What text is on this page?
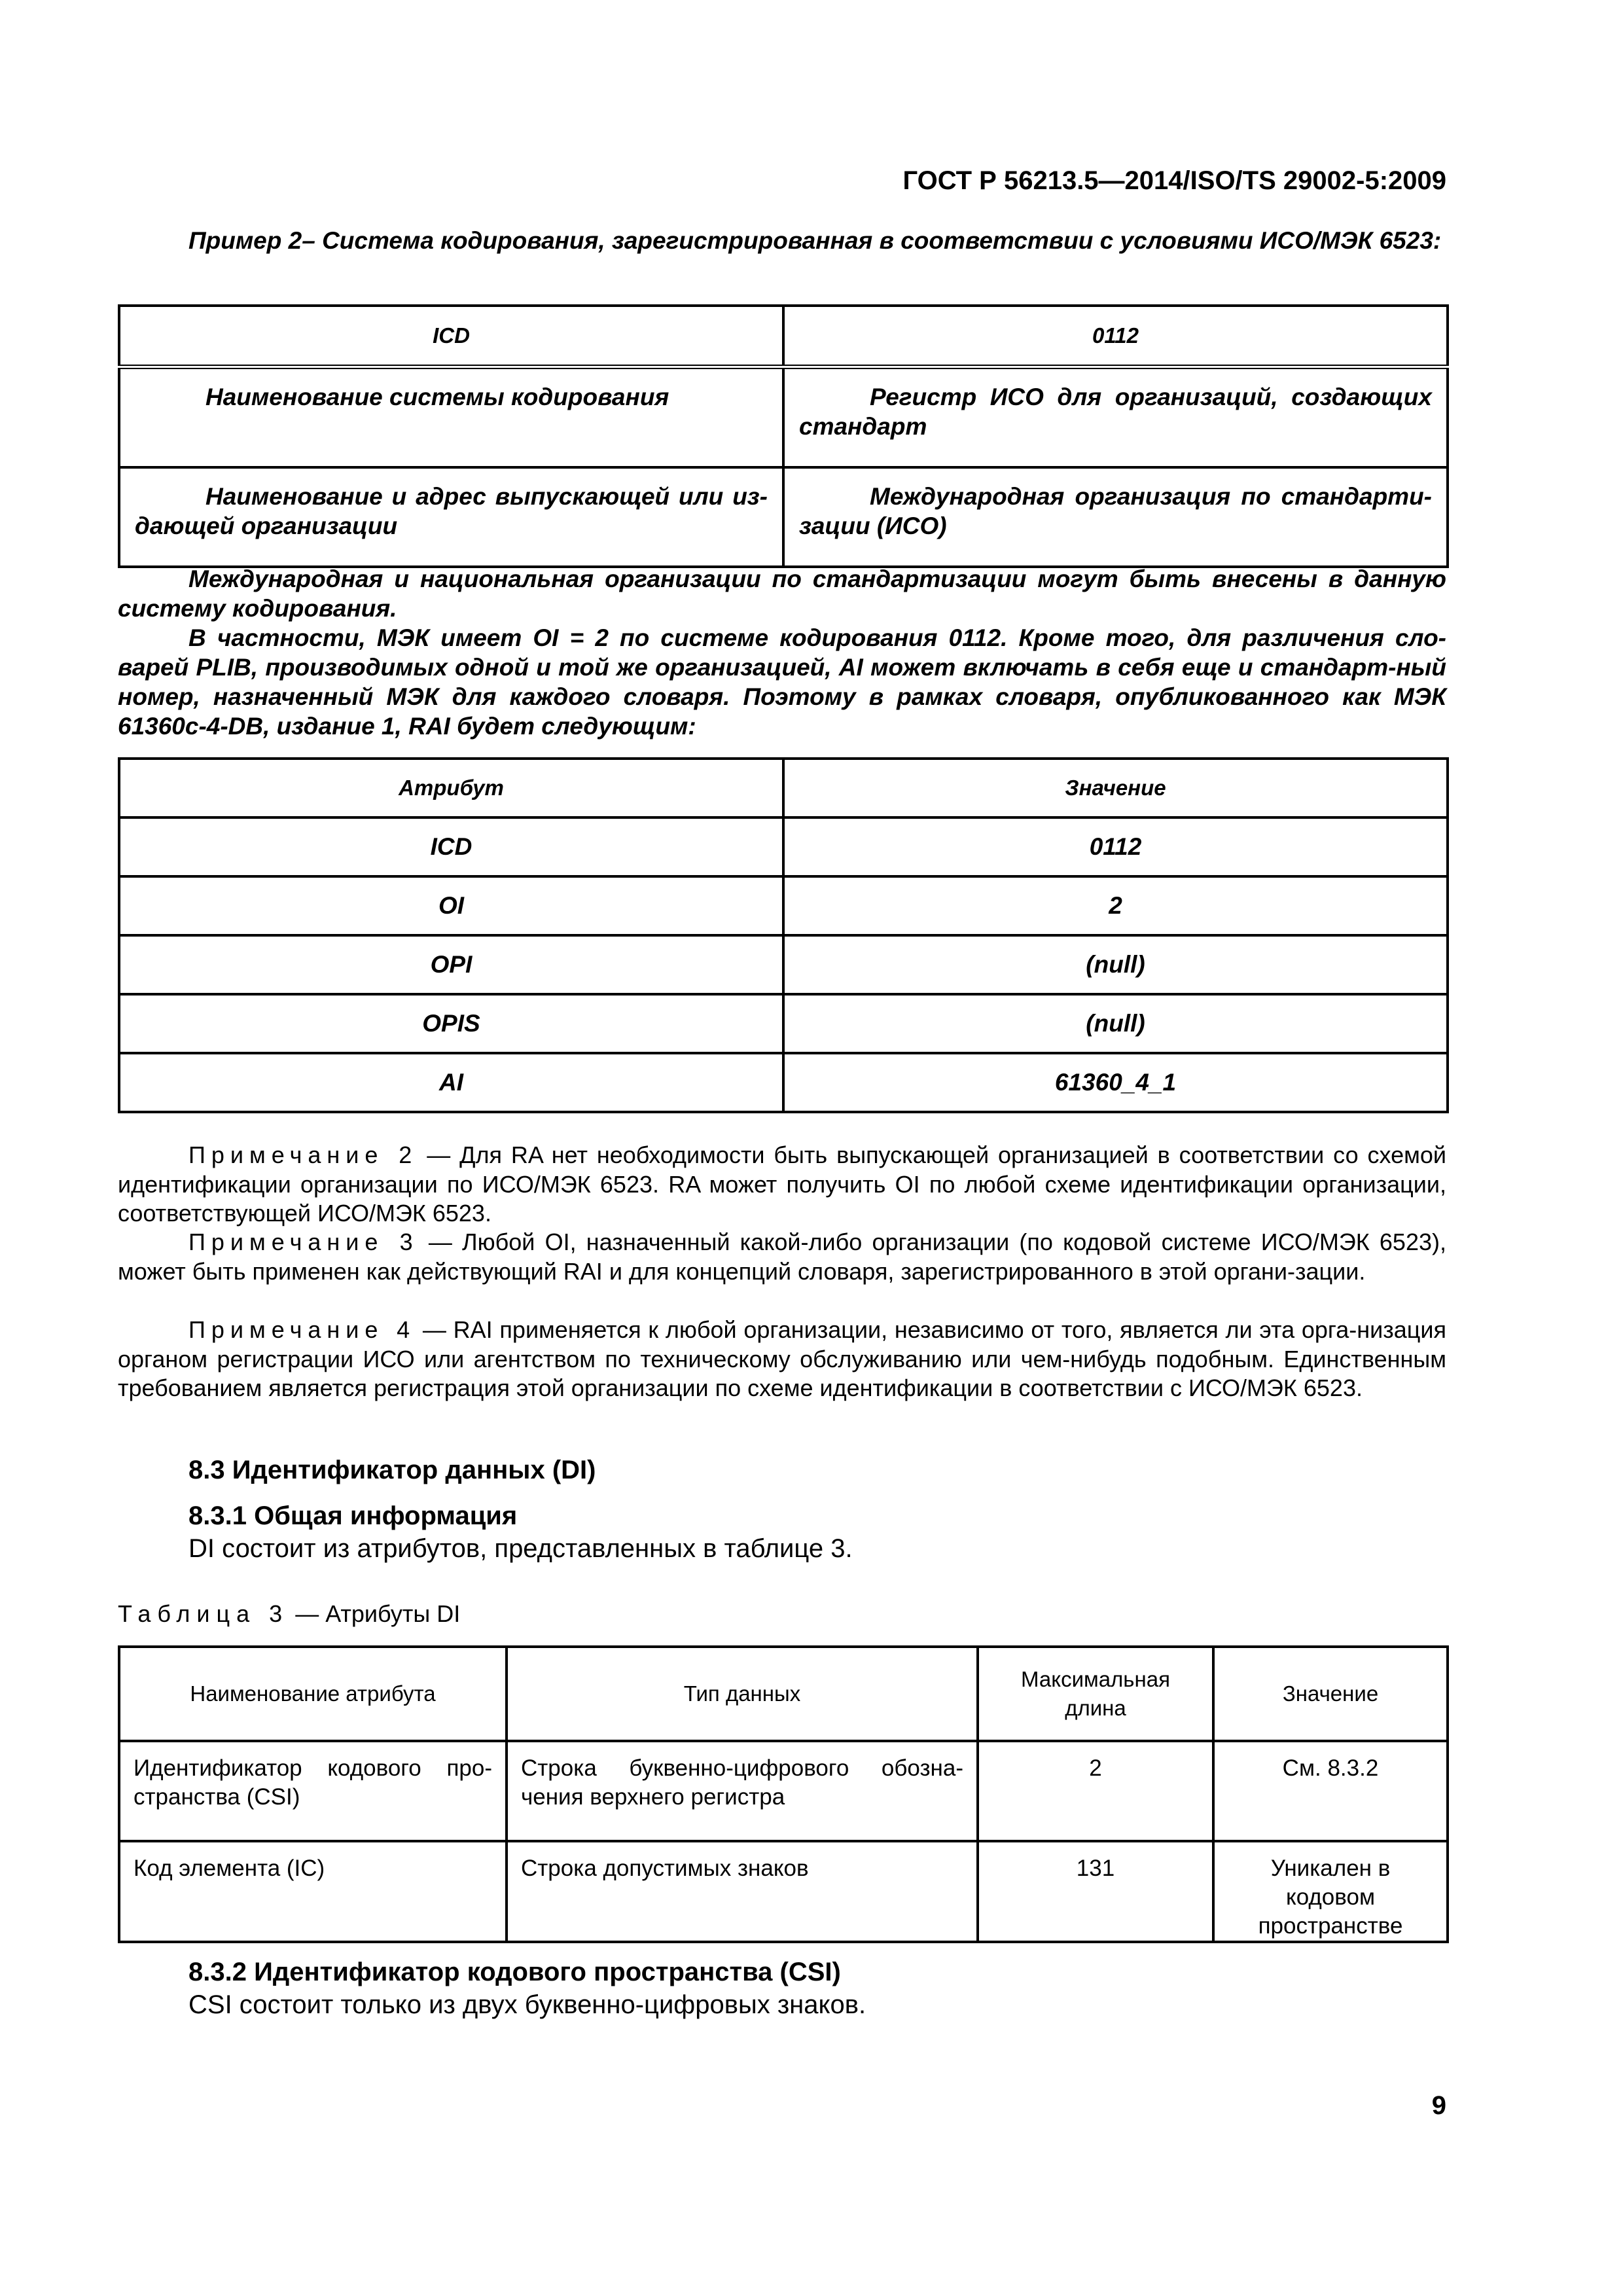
ГОСТ Р 56213.5—2014/ISO/TS 29002-5:2009
Пример 2– Система кодирования, зарегистрированная в соответствии с условиями ИСО/МЭК 6523:
ICD	0112
Наименование системы кодирования	Регистр ИСО для организаций, создающих стандарт
Наименование и адрес выпускающей или из-дающей организации	Международная организация по стандарти-зации (ИСО)
Международная и национальная организации по стандартизации могут быть внесены в данную систему кодирования.
В частности, МЭК имеет OI = 2 по системе кодирования 0112. Кроме того, для различения сло-варей PLIB, производимых одной и той же организацией, AI может включать в себя еще и стандарт-ный номер, назначенный МЭК для каждого словаря. Поэтому в рамках словаря, опубликованного как МЭК 61360c-4-DB, издание 1, RAI будет следующим:
Атрибут	Значение
ICD	0112
OI	2
OPI	(null)
OPIS	(null)
AI	61360_4_1
Примечание 2 — Для RA нет необходимости быть выпускающей организацией в соответствии со схемой идентификации организации по ИСО/МЭК 6523. RA может получить OI по любой схеме идентификации организации, соответствующей ИСО/МЭК 6523.
Примечание 3 — Любой OI, назначенный какой-либо организации (по кодовой системе ИСО/МЭК 6523), может быть применен как действующий RAI и для концепций словаря, зарегистрированного в этой органи-зации.
Примечание 4 — RAI применяется к любой организации, независимо от того, является ли эта орга-низация органом регистрации ИСО или агентством по техническому обслуживанию или чем-нибудь подобным. Единственным требованием является регистрация этой организации по схеме идентификации в соответствии с ИСО/МЭК 6523.
8.3 Идентификатор данных (DI)
8.3.1 Общая информация
DI состоит из атрибутов, представленных в таблице 3.
Таблица 3 — Атрибуты DI
Наименование атрибута	Тип данных	Максимальная длина	Значение
Идентификатор кодового про-странства (CSI)	Строка буквенно-цифрового обозна-чения верхнего регистра	2	См. 8.3.2
Код элемента (IC)	Строка допустимых знаков	131	Уникален в кодовом пространстве
8.3.2 Идентификатор кодового пространства (CSI)
CSI состоит только из двух буквенно-цифровых знаков.
9
